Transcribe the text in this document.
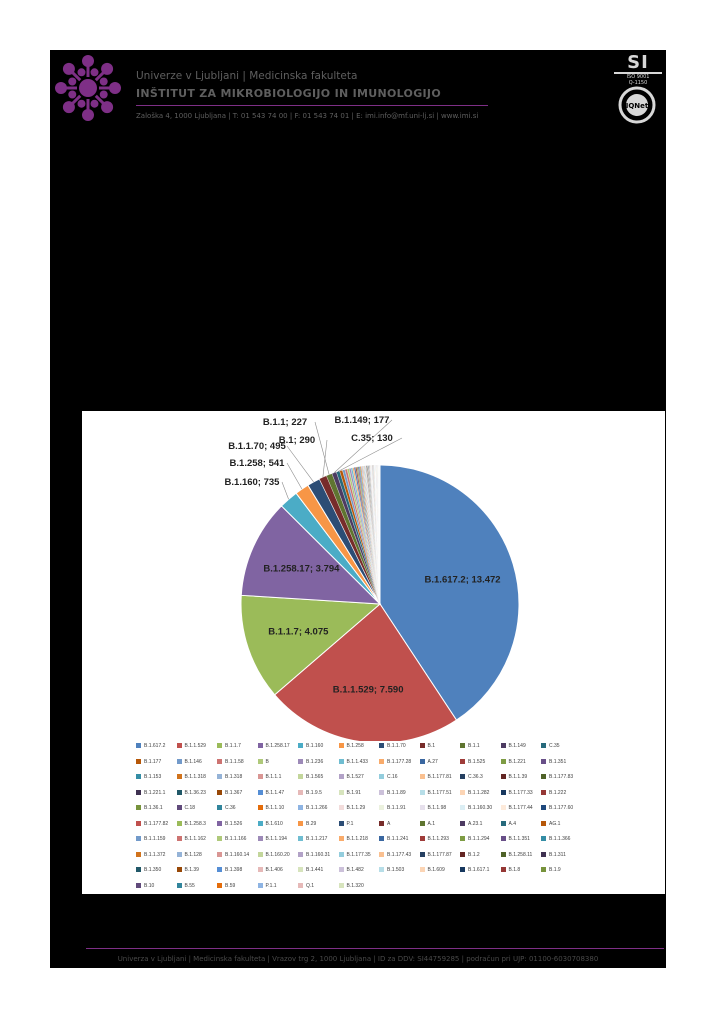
Univerze v Ljubljani | Medicinska fakulteta
INŠTITUT ZA MIKROBIOLOGIJO IN IMUNOLOGIJO
Zaloška 4, 1000 Ljubljana | T: 01 543 74 00 | F: 01 543 74 01 | E: imi.info@mf.uni-lj.si | www.imi.si
SI
ISO 9001
Q-1150
IQNet
B.1.617.2; 13.472
B.1.1.529; 7.590
B.1.1.7; 4.075
B.1.258.17; 3.794
B.1.160; 735
B.1.258; 541
B.1.1.70; 495
B.1; 290
B.1.1; 227	B.1.149; 177
C.35; 130
B.1.617.2	B.1.1.529	B.1.1.7	B.1.258.17	B.1.160	B.1.258	B.1.1.70	B.1	B.1.1	B.1.149	C.35
B.1.177	B.1.146	B.1.1.58	B	B.1.236	B.1.1.433	B.1.177.28	A.27	B.1.525	B.1.221	B.1.351
B.1.153	B.1.1.318	B.1.318	B.1.1.1	B.1.565	B.1.527	C.16	B.1.177.81	C.36.3	B.1.1.39	B.1.177.83
B.1.221.1	B.1.36.23	B.1.367	B.1.1.47	B.1.9.5	B.1.91	B.1.1.89	B.1.177.51	B.1.1.282	B.1.177.33	B.1.222
B.1.36.1	C.18	C.36	B.1.1.10	B.1.1.266	B.1.1.29	B.1.1.91	B.1.1.98	B.1.160.30	B.1.177.44	B.1.177.60
B.1.177.82	B.1.258.3	B.1.526	B.1.610	B.29	P.1	A	A.1	A.23.1	A.4	AG.1
B.1.1.159	B.1.1.162	B.1.1.166	B.1.1.194	B.1.1.217	B.1.1.218	B.1.1.241	B.1.1.293	B.1.1.294	B.1.1.351	B.1.1.366
B.1.1.372	B.1.128	B.1.160.14	B.1.160.20	B.1.160.31	B.1.177.35	B.1.177.43	B.1.177.87	B.1.2	B.1.258.11	B.1.311
B.1.350	B.1.39	B.1.398	B.1.406	B.1.441	B.1.482	B.1.503	B.1.609	B.1.617.1	B.1.8	B.1.9
B.10	B.55	B.59	P.1.1	Q.1	B.1.320
Univerza v Ljubljani | Medicinska fakulteta | Vrazov trg 2, 1000 Ljubljana | ID za DDV: SI44759285 | podračun pri UJP: 01100-6030708380
